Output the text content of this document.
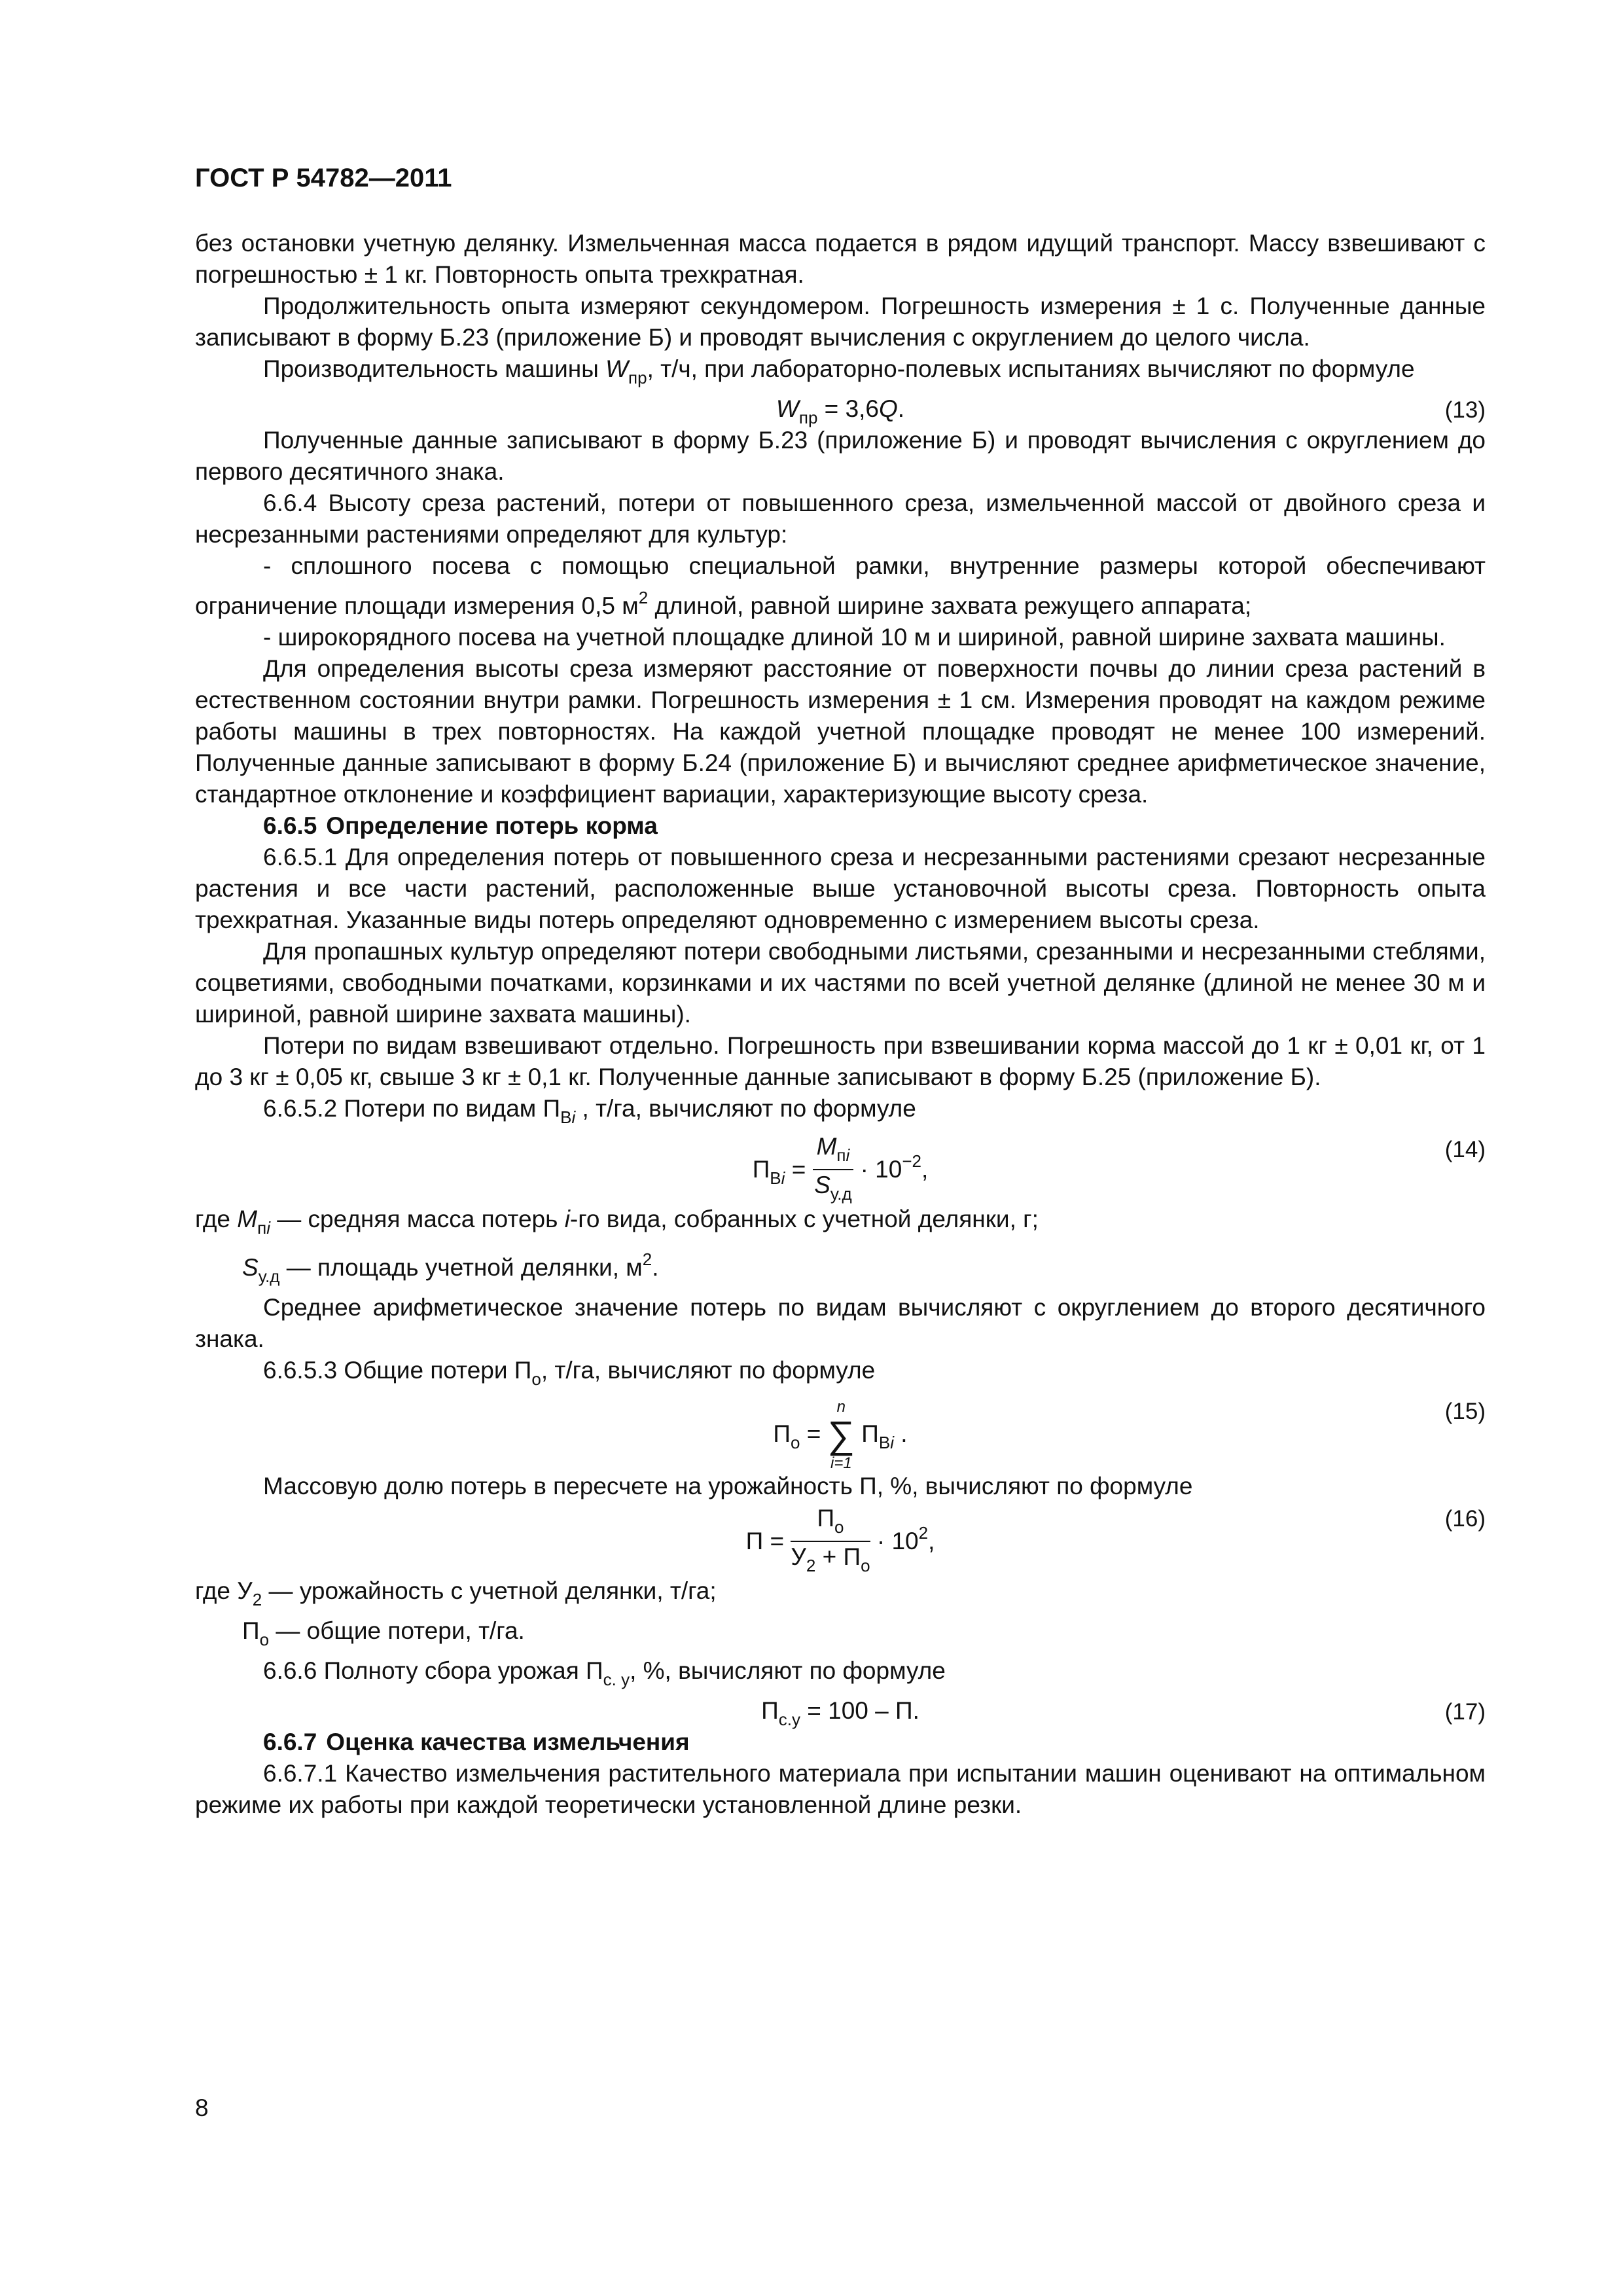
ГОСТ Р 54782—2011

без остановки учетную делянку. Измельченная масса подается в рядом идущий транспорт. Массу взвешивают с погрешностью ± 1 кг. Повторность опыта трехкратная.

Продолжительность опыта измеряют секундомером. Погрешность измерения ± 1 с. Полученные данные записывают в форму Б.23 (приложение Б) и проводят вычисления с округлением до целого числа.

Производительность машины $W_{пр}$, т/ч, при лабораторно-полевых испытаниях вычисляют по формуле

$W_{пр} = 3,6Q$.	(13)

Полученные данные записывают в форму Б.23 (приложение Б) и проводят вычисления с округлением до первого десятичного знака.

6.6.4 Высоту среза растений, потери от повышенного среза, измельченной массой от двойного среза и несрезанными растениями определяют для культур:

- сплошного посева с помощью специальной рамки, внутренние размеры которой обеспечивают ограничение площади измерения 0,5 $м^2$ длиной, равной ширине захвата режущего аппарата;

- широкорядного посева на учетной площадке длиной 10 м и шириной, равной ширине захвата машины.

Для определения высоты среза измеряют расстояние от поверхности почвы до линии среза растений в естественном состоянии внутри рамки. Погрешность измерения ± 1 см. Измерения проводят на каждом режиме работы машины в трех повторностях. На каждой учетной площадке проводят не менее 100 измерений. Полученные данные записывают в форму Б.24 (приложение Б) и вычисляют среднее арифметическое значение, стандартное отклонение и коэффициент вариации, характеризующие высоту среза.

6.6.5 Определение потерь корма

6.6.5.1 Для определения потерь от повышенного среза и несрезанными растениями срезают несрезанные растения и все части растений, расположенные выше установочной высоты среза. Повторность опыта трехкратная. Указанные виды потерь определяют одновременно с измерением высоты среза.

Для пропашных культур определяют потери свободными листьями, срезанными и несрезанными стеблями, соцветиями, свободными початками, корзинками и их частями по всей учетной делянке (длиной не менее 30 м и шириной, равной ширине захвата машины).

Потери по видам взвешивают отдельно. Погрешность при взвешивании корма массой до 1 кг ± 0,01 кг, от 1 до 3 кг ± 0,05 кг, свыше 3 кг ± 0,1 кг. Полученные данные записывают в форму Б.25 (приложение Б).

6.6.5.2 Потери по видам $П_{Вi}$ , т/га, вычисляют по формуле

$П_{Вi} = \frac{M_{пi}}{S_{у.д}} \cdot 10^{-2}$,
(14)

где $M_{пi}$ — средняя масса потерь i-го вида, собранных с учетной делянки, г;

$S_{у.д}$ — площадь учетной делянки, $м^2$.

Среднее арифметическое значение потерь по видам вычисляют с округлением до второго десятичного знака.

6.6.5.3 Общие потери $П_о$, т/га, вычисляют по формуле

$П_о$ =
n
∑
i=1
$П_{Вi}$ .
(15)

Массовую долю потерь в пересчете на урожайность П, %, вычисляют по формуле

$П = \frac{П_о}{У_2 + П_о} \cdot 10^2$,
(16)

где $У_2$ — урожайность с учетной делянки, т/га;

$П_о$ — общие потери, т/га.

6.6.6 Полноту сбора урожая $П_{с. у}$, %, вычисляют по формуле

$П_{с.у} = 100 - П$.	(17)

6.6.7 Оценка качества измельчения

6.6.7.1 Качество измельчения растительного материала при испытании машин оценивают на оптимальном режиме их работы при каждой теоретически установленной длине резки.

8
